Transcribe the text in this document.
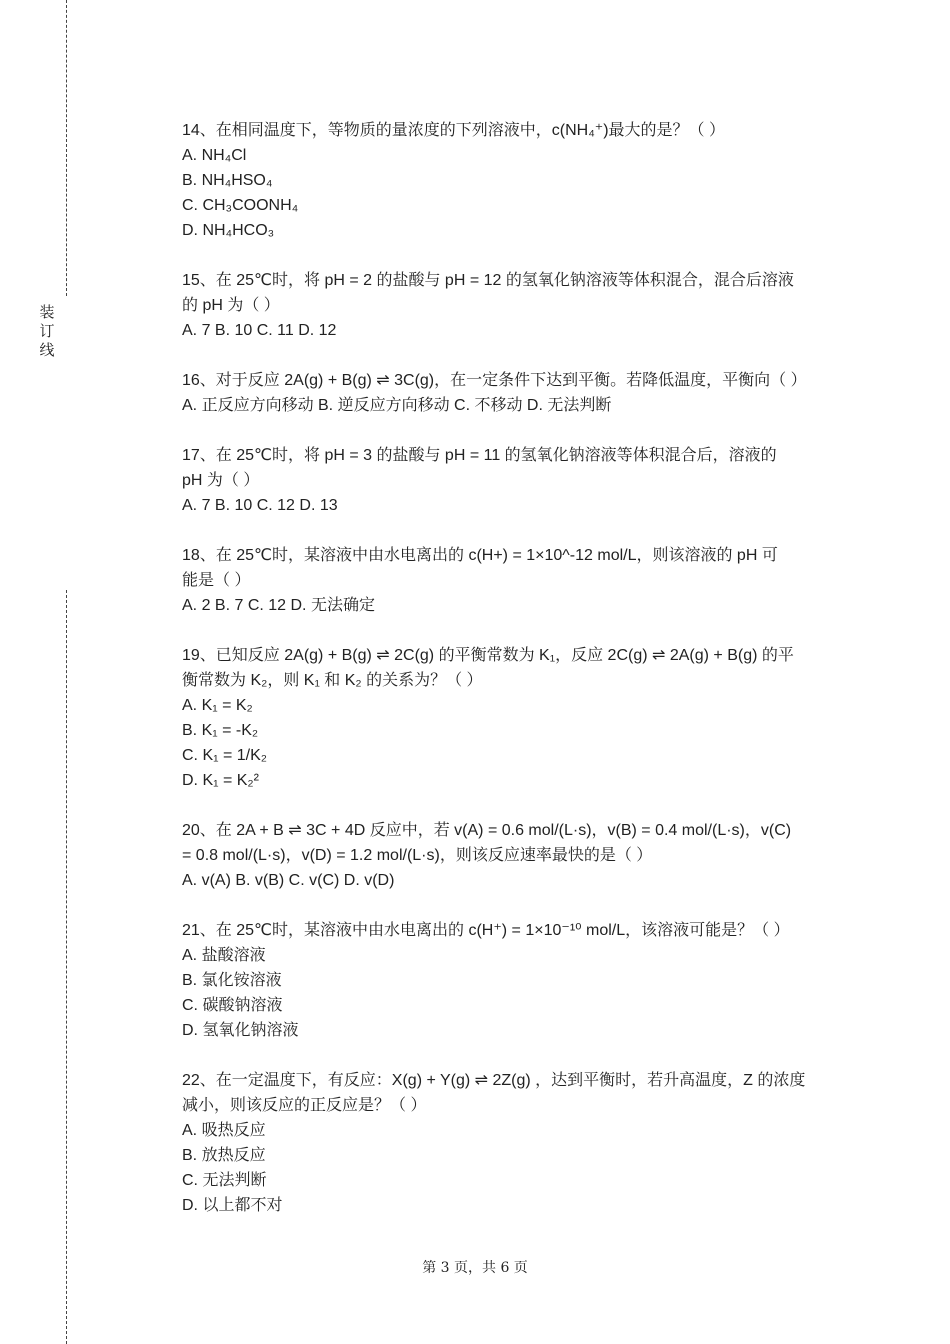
装
订
线
14、在相同温度下，等物质的量浓度的下列溶液中，c(NH₄⁺)最大的是？（ ）
A. NH₄Cl
B. NH₄HSO₄
C. CH₃COONH₄
D. NH₄HCO₃
15、在 25℃时，将 pH = 2 的盐酸与 pH = 12 的氢氧化钠溶液等体积混合，混合后溶液
的 pH 为（ ）
A. 7 B. 10 C. 11 D. 12
16、对于反应 2A(g) + B(g) ⇌ 3C(g)，在一定条件下达到平衡。若降低温度，平衡向（ ）
A. 正反应方向移动 B. 逆反应方向移动 C. 不移动 D. 无法判断
17、在 25℃时，将 pH = 3 的盐酸与 pH = 11 的氢氧化钠溶液等体积混合后，溶液的
pH 为（ ）
A. 7 B. 10 C. 12 D. 13
18、在 25℃时，某溶液中由水电离出的 c(H+) = 1×10^-12 mol/L，则该溶液的 pH 可
能是（ ）
A. 2 B. 7 C. 12 D. 无法确定
19、已知反应 2A(g) + B(g) ⇌ 2C(g) 的平衡常数为 K₁，反应 2C(g) ⇌ 2A(g) + B(g) 的平
衡常数为 K₂，则 K₁ 和 K₂ 的关系为？（ ）
A. K₁ = K₂
B. K₁ = -K₂
C. K₁ = 1/K₂
D. K₁ = K₂²
20、在 2A + B ⇌ 3C + 4D 反应中，若 v(A) = 0.6 mol/(L·s)，v(B) = 0.4 mol/(L·s)，v(C)
= 0.8 mol/(L·s)，v(D) = 1.2 mol/(L·s)，则该反应速率最快的是（ ）
A. v(A) B. v(B) C. v(C) D. v(D)
21、在 25℃时，某溶液中由水电离出的 c(H⁺) = 1×10⁻¹⁰ mol/L，该溶液可能是？（ ）
A. 盐酸溶液
B. 氯化铵溶液
C. 碳酸钠溶液
D. 氢氧化钠溶液
22、在一定温度下，有反应：X(g) + Y(g) ⇌ 2Z(g) ，达到平衡时，若升高温度，Z 的浓度
减小，则该反应的正反应是？（ ）
A. 吸热反应
B. 放热反应
C. 无法判断
D. 以上都不对
第 3 页，共 6 页
